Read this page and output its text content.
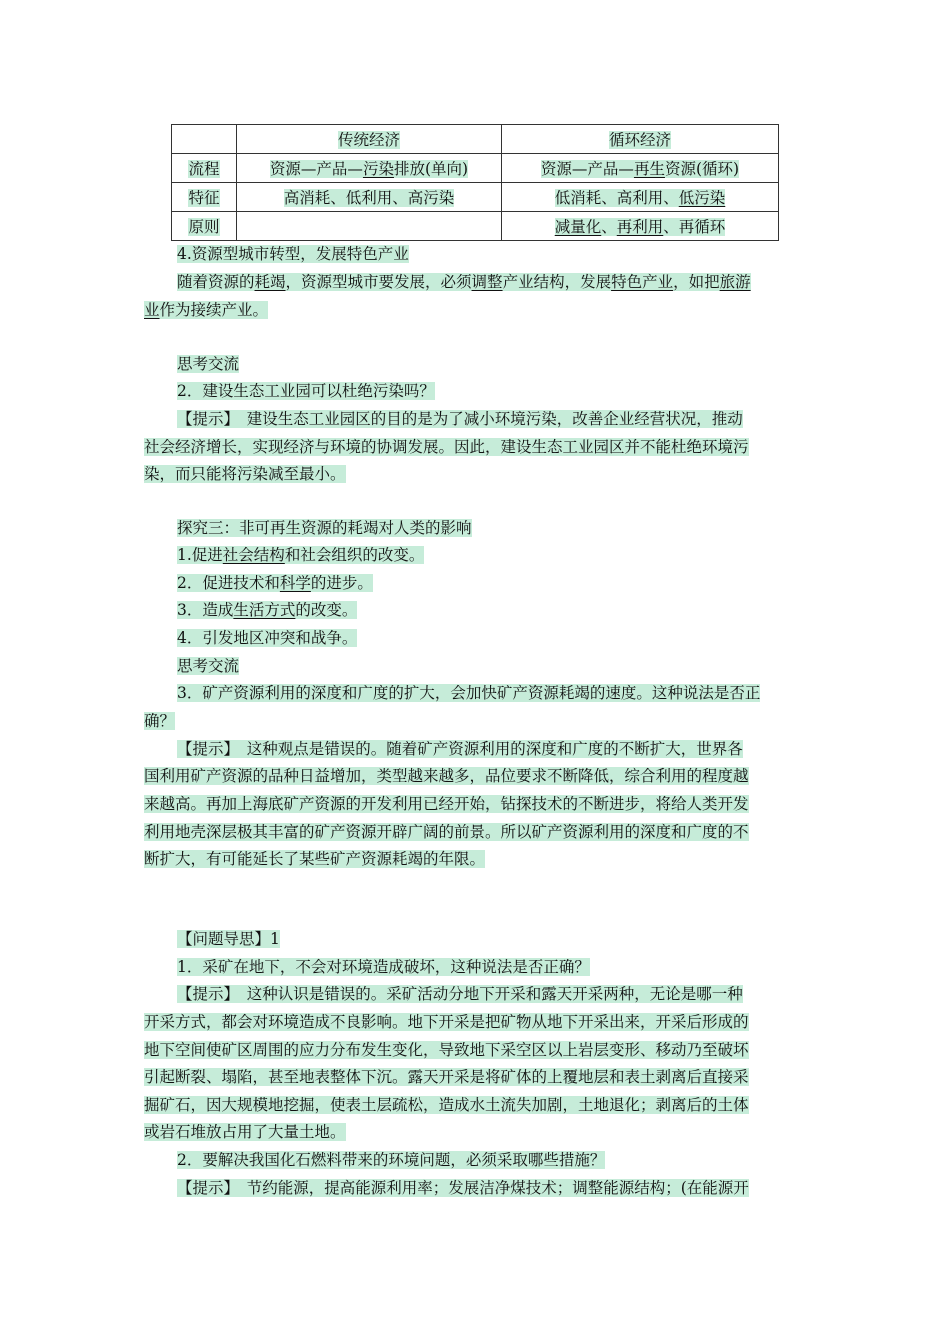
	传统经济	循环经济
流程	资源—产品—污染排放(单向)	资源—产品—再生资源(循环)
特征	高消耗、低利用、高污染	低消耗、高利用、低污染
原则		减量化、再利用、再循环
4.资源型城市转型，发展特色产业
随着资源的耗竭，资源型城市要发展，必须调整产业结构，发展特色产业，如把旅游
业作为接续产业。
思考交流
2．建设生态工业园可以杜绝污染吗？
【提示】　建设生态工业园区的目的是为了减小环境污染，改善企业经营状况，推动
社会经济增长，实现经济与环境的协调发展。因此，建设生态工业园区并不能杜绝环境污
染，而只能将污染减至最小。
探究三：非可再生资源的耗竭对人类的影响
1.促进社会结构和社会组织的改变。
2．促进技术和科学的进步。
3．造成生活方式的改变。
4．引发地区冲突和战争。
思考交流
3．矿产资源利用的深度和广度的扩大，会加快矿产资源耗竭的速度。这种说法是否正
确？
【提示】　这种观点是错误的。随着矿产资源利用的深度和广度的不断扩大，世界各
国利用矿产资源的品种日益增加，类型越来越多，品位要求不断降低，综合利用的程度越
来越高。再加上海底矿产资源的开发利用已经开始，钻探技术的不断进步，将给人类开发
利用地壳深层极其丰富的矿产资源开辟广阔的前景。所以矿产资源利用的深度和广度的不
断扩大，有可能延长了某些矿产资源耗竭的年限。
【问题导思】1
1．采矿在地下，不会对环境造成破坏，这种说法是否正确？
【提示】　这种认识是错误的。采矿活动分地下开采和露天开采两种，无论是哪一种
开采方式，都会对环境造成不良影响。地下开采是把矿物从地下开采出来，开采后形成的
地下空间使矿区周围的应力分布发生变化，导致地下采空区以上岩层变形、移动乃至破坏
引起断裂、塌陷，甚至地表整体下沉。露天开采是将矿体的上覆地层和表土剥离后直接采
掘矿石，因大规模地挖掘，使表土层疏松，造成水土流失加剧，土地退化；剥离后的土体
或岩石堆放占用了大量土地。
2．要解决我国化石燃料带来的环境问题，必须采取哪些措施？
【提示】　节约能源，提高能源利用率；发展洁净煤技术；调整能源结构；(在能源开
